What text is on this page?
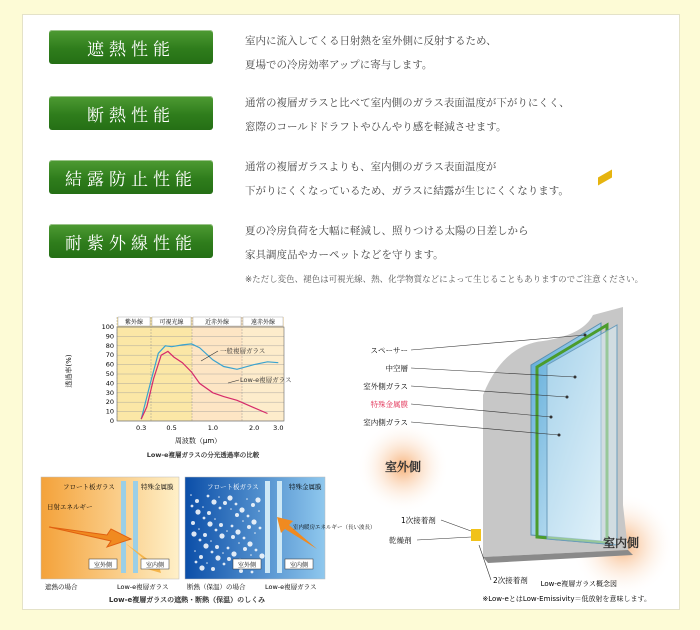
遮熱性能	室内に流入してくる日射熱を室外側に反射するため、
夏場での冷房効率アップに寄与します。
断熱性能
通常の複層ガラスと比べて室内側のガラス表面温度が下がりにくく、
窓際のコールドドラフトやひんやり感を軽減させます。
結露防止性能
通常の複層ガラスよりも、室内側のガラス表面温度が
下がりにくくなっているため、ガラスに結露が生じにくくなります。
耐紫外線性能
夏の冷房負荷を大幅に軽減し、照りつける太陽の日差しから
家具調度品やカーペットなどを守ります。
※ただし変色、褪色は可視光線、熱、化学物質などによって生じることもありますのでご注意ください。
紫外線	可視光線	近赤外線	遠赤外線
100
90
80
70
60
50
40
30
20
10
0
0.3	0.5	1.0	2.0 3.0
透過率(%)
周波数（μm）
一般複層ガラス
Low-e複層ガラス
Low-e複層ガラスの分光透過率の比較
フロート板ガラス	特殊金属膜
日射エネルギー
室外側	室内側
遮熱の場合	Low-e複層ガラス
フロート板ガラス	特殊金属膜
室内暖房エネルギー（長い波長）
室外側	室内側
断熱（保温）の場合	Low-e複層ガラス
Low-e複層ガラスの遮熱・断熱（保温）のしくみ
スペーサー
中空層
室外側ガラス
特殊金属膜
室内側ガラス
室外側
室内側
1次接着剤
乾燥剤
2次接着剤 Low-e複層ガラス概念図
※Low-eとはLow-Emissivity＝低放射を意味します。
